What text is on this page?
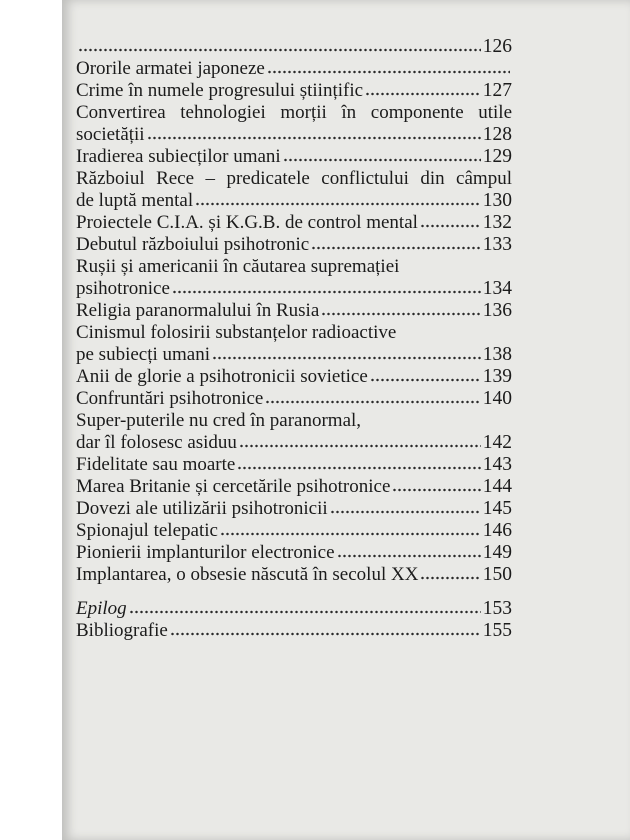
126
Ororile armatei japoneze
Crime în numele progresului științific	127
Convertirea tehnologiei morții în componente utile
societății	128
Iradierea subiecților umani	129
Războiul Rece – predicatele conflictului din câmpul
de luptă mental	130
Proiectele C.I.A. și K.G.B. de control mental	132
Debutul războiului psihotronic	133
Rușii și americanii în căutarea supremației
psihotronice	134
Religia paranormalului în Rusia	136
Cinismul folosirii substanțelor radioactive
pe subiecți umani	138
Anii de glorie a psihotronicii sovietice	139
Confruntări psihotronice	140
Super-puterile nu cred în paranormal,
dar îl folosesc asiduu	142
Fidelitate sau moarte	143
Marea Britanie și cercetările psihotronice	144
Dovezi ale utilizării psihotronicii	145
Spionajul telepatic	146
Pionierii implanturilor electronice	149
Implantarea, o obsesie născută în secolul XX	150
Epilog	153
Bibliografie	155
